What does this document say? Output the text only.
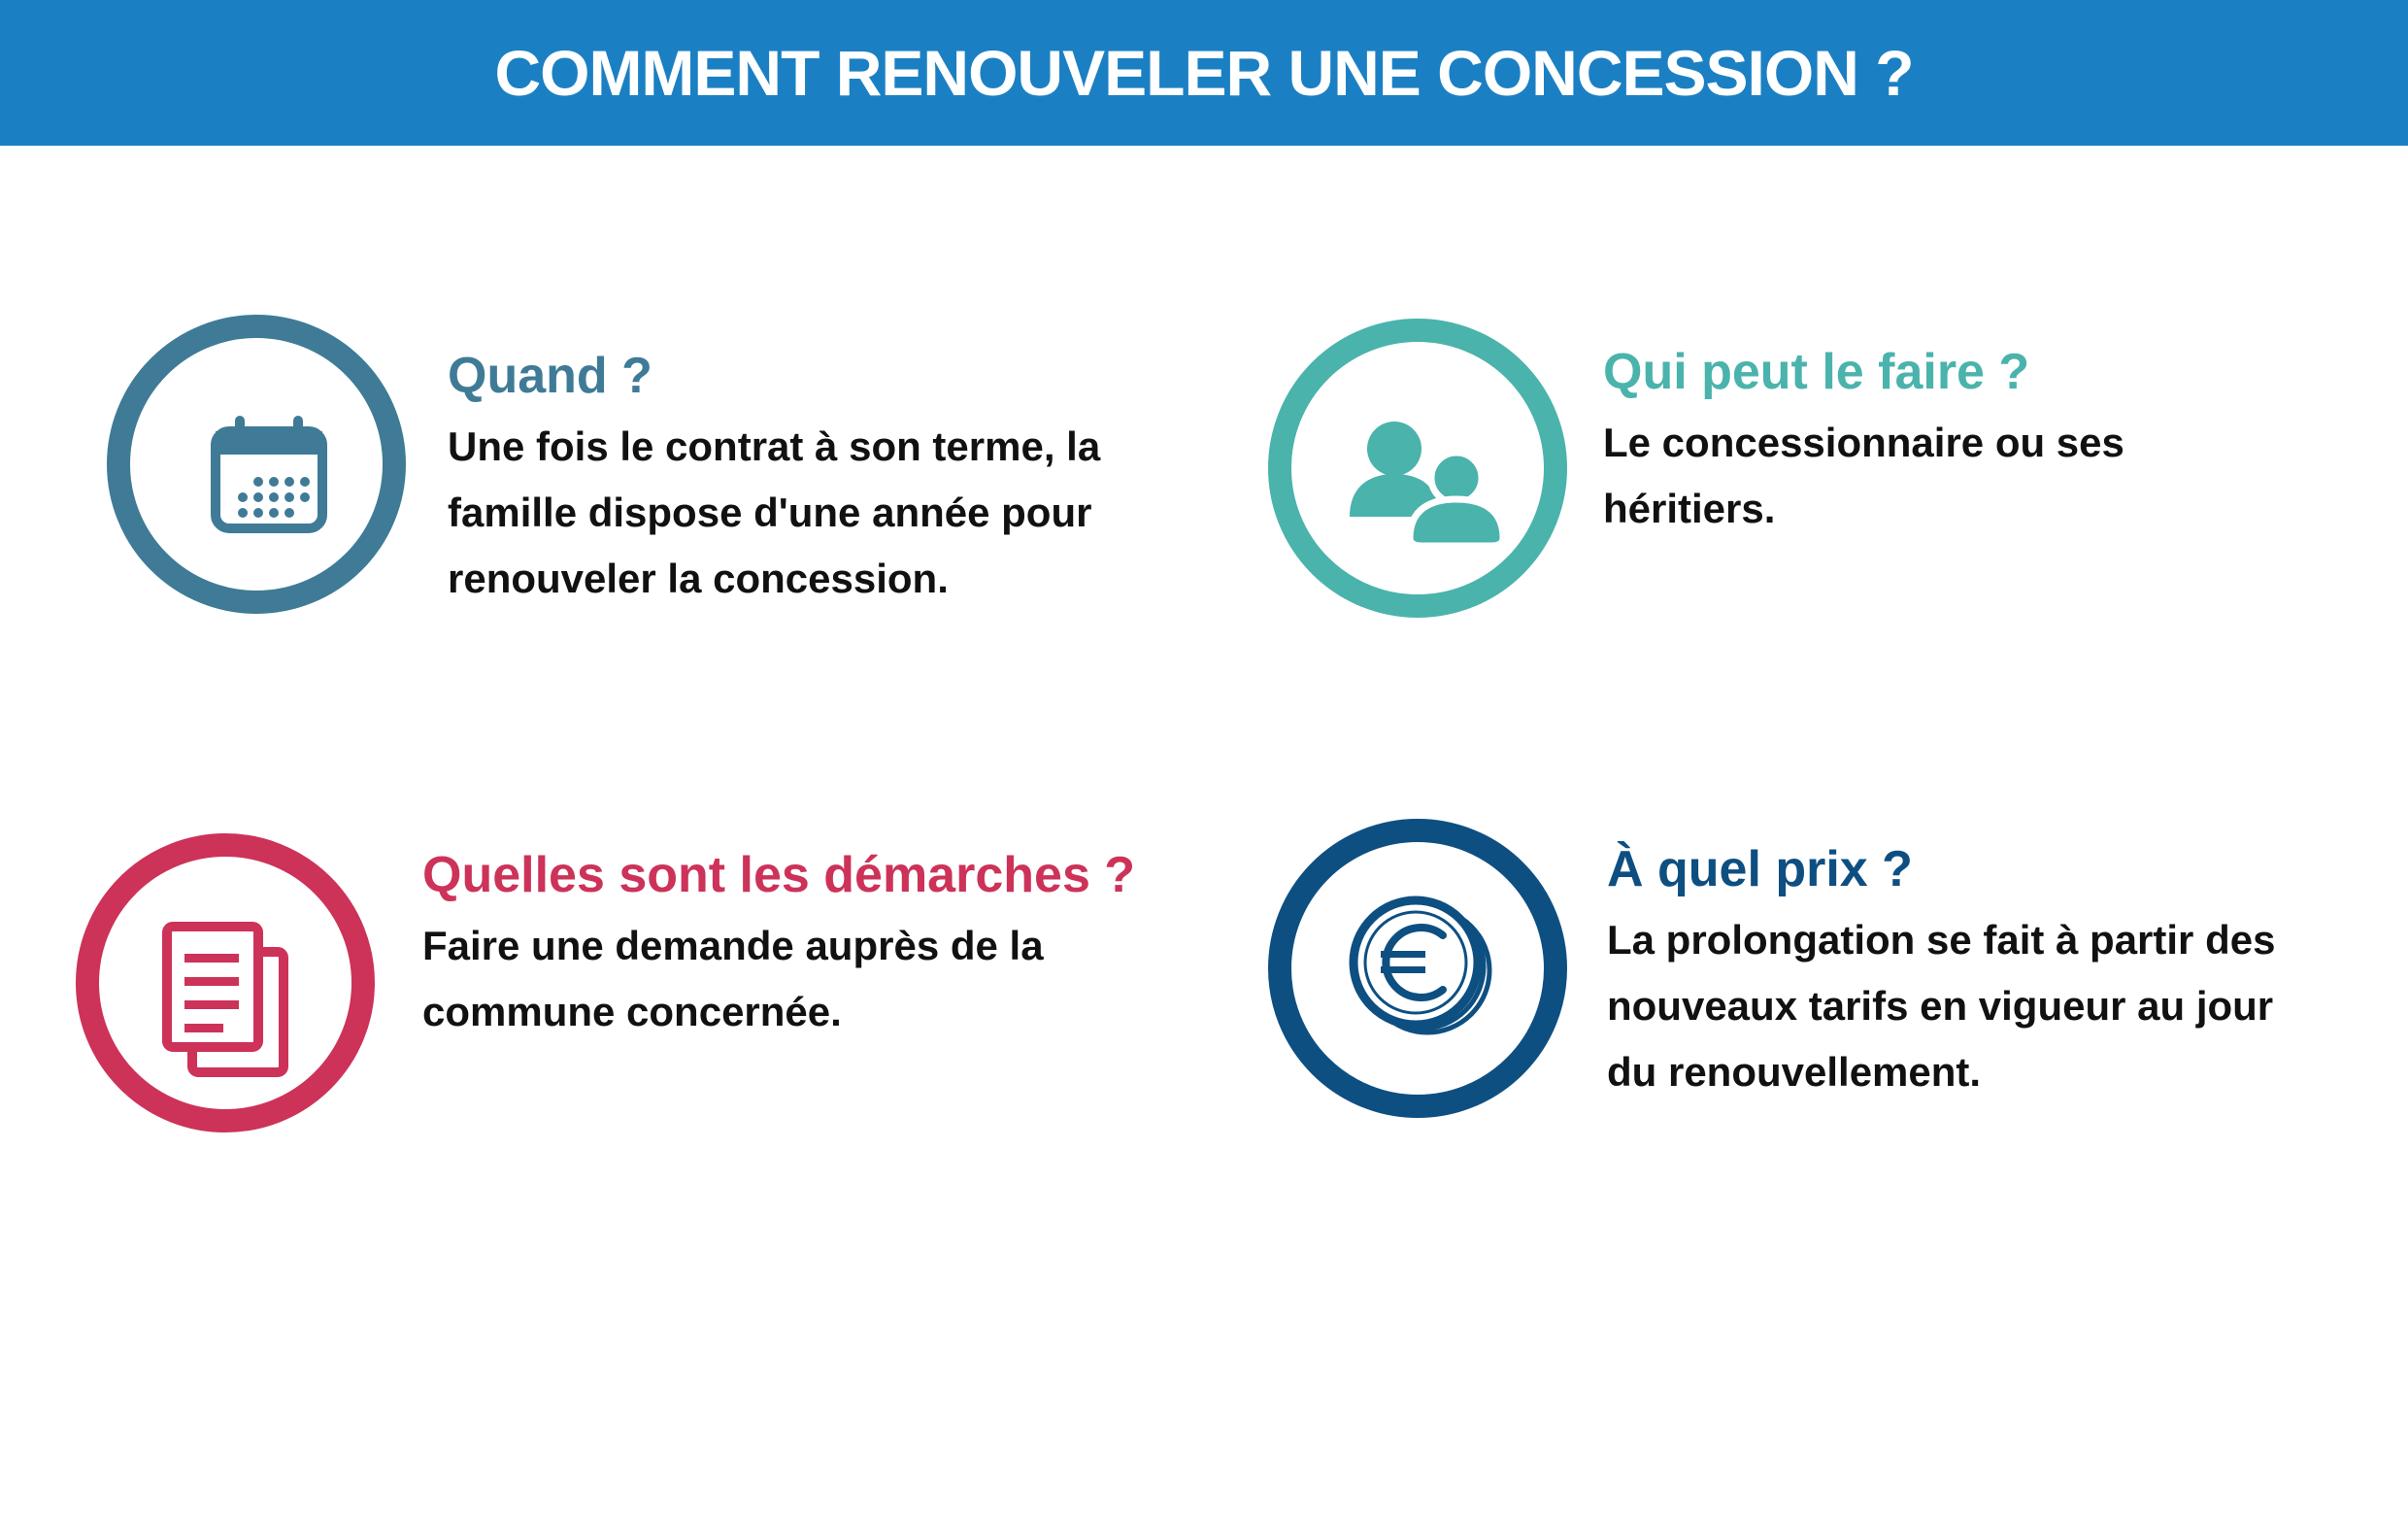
COMMENT RENOUVELER UNE CONCESSION ?
Quand ?
Une fois le contrat à son terme, la
famille dispose d'une année pour
renouveler la concession.
Qui peut le faire ?
Le concessionnaire ou ses
héritiers.
Quelles sont les démarches ?
Faire une demande auprès de la
commune concernée.
À quel prix ?
La prolongation se fait à partir des
nouveaux tarifs en vigueur au jour
du renouvellement.
